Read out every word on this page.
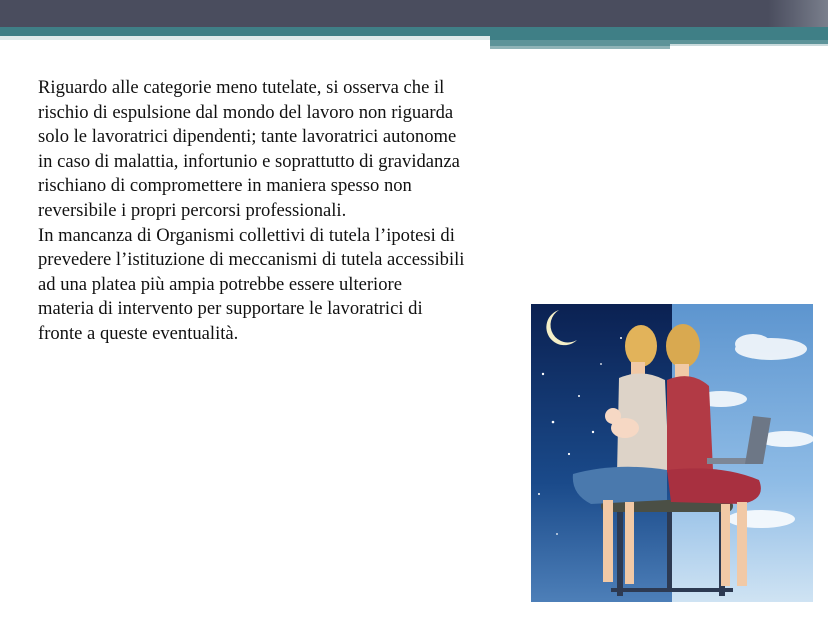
Riguardo alle categorie meno tutelate, si osserva che il
rischio di espulsione dal mondo del lavoro non riguarda
solo le lavoratrici dipendenti; tante lavoratrici autonome
in caso di malattia, infortunio e soprattutto di gravidanza
rischiano di compromettere in maniera spesso non
reversibile i propri percorsi professionali.
In mancanza di Organismi collettivi di tutela l’ipotesi di
prevedere l’istituzione di meccanismi di tutela accessibili
ad una platea più ampia potrebbe essere ulteriore
materia di intervento per supportare le lavoratrici di
fronte a queste eventualità.
